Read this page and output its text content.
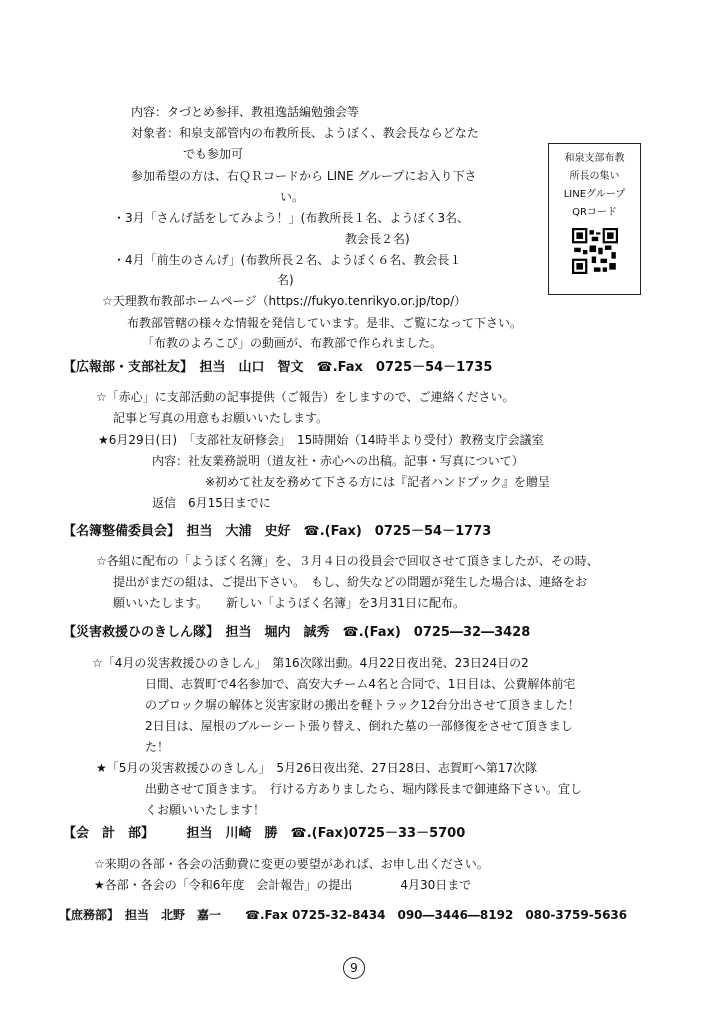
内容：タづとめ参拝、教祖逸話編勉強会等
対象者：和泉支部管内の布教所長、ようぼく、教会長ならどなた
でも参加可
参加希望の方は、右ＱＲコードから LINE グループにお入り下さ
い。
・3月「さんげ話をしてみよう！」(布教所長１名、ようぼく3名、
教会長２名)
・4月「前生のさんげ」(布教所長２名、ようぼく６名、教会長１
名)
☆天理教布教部ホームページ（https://fukyo.tenrikyo.or.jp/top/）
布教部管轄の様々な情報を発信しています。是非、ご覧になって下さい。
「布教のよろこび」の動画が、布教部で作られました。
和泉支部布教
所長の集い
LINEグループ
QRコード
【広報部・支部社友】　担当　山口　智文　☎.Fax　0725－54－1735
☆「赤心」に支部活動の記事提供（ご報告）をしますので、ご連絡ください。
記事と写真の用意もお願いいたします。
★6月29日(日)　「支部社友研修会」　15時開始（14時半より受付）教務支庁会議室
内容：社友業務説明（道友社・赤心への出稿。記事・写真について）
※初めて社友を務めて下さる方には『記者ハンドブック』を贈呈
返信　6月15日までに
【名簿整備委員会】　担当　大浦　史好　☎.(Fax)　0725－54－1773
☆各組に配布の「ようぼく名簿」を、３月４日の役員会で回収させて頂きましたが、その時、
提出がまだの組は、ご提出下さい。　もし、紛失などの問題が発生した場合は、連絡をお
願いいたします。　　新しい「ようぼく名簿」を3月31日に配布。
【災害救援ひのきしん隊】　担当　堀内　誠秀　☎.(Fax)　0725―32―3428
☆「4月の災害救援ひのきしん」　第16次隊出動。4月22日夜出発、23日24日の2
日間、志賀町で4名参加で、高安大チーム4名と合同で、1日目は、公費解体前宅
のブロック塀の解体と災害家財の搬出を軽トラック12台分出させて頂きました！
2日目は、屋根のブルーシート張り替え、倒れた墓の一部修復をさせて頂きまし
た！
★「5月の災害救援ひのきしん」　5月26日夜出発、27日28日、志賀町へ第17次隊
出動させて頂きます。　行ける方ありましたら、堀内隊長まで御連絡下さい。宜し
くお願いいたします！
【会　計　部】　　　担当　川崎　勝　☎.(Fax)0725－33－5700
☆来期の各部・各会の活動費に変更の要望があれば、お申し出ください。
★各部・各会の「令和6年度　会計報告」の提出　　　　4月30日まで
【庶務部】　担当　北野　嘉一　　☎.Fax 0725-32-8434　090―3446―8192　080-3759-5636
9
